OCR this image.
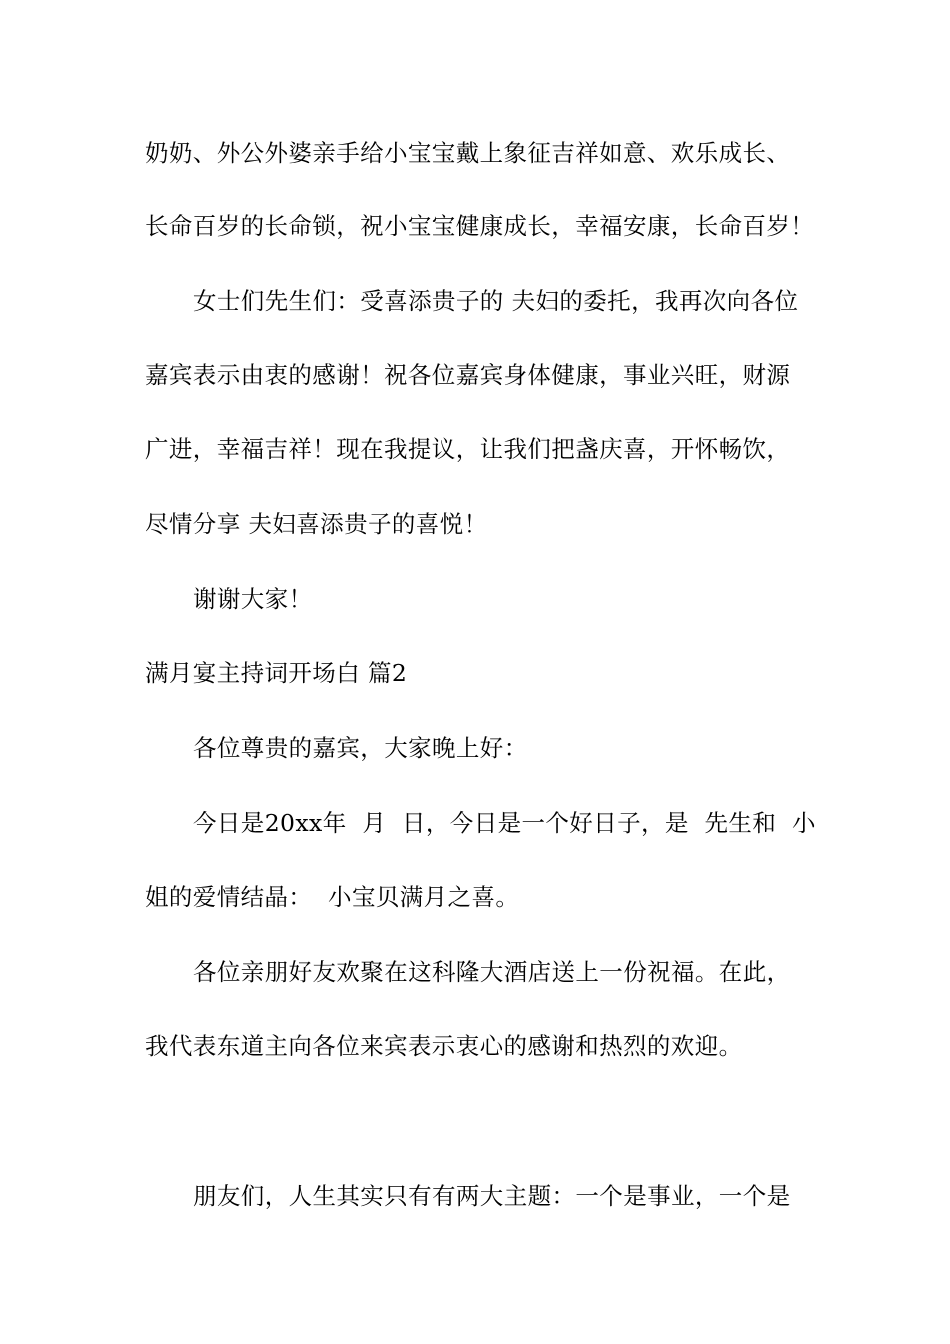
奶奶、外公外婆亲手给小宝宝戴上象征吉祥如意、欢乐成长、
长命百岁的长命锁，祝小宝宝健康成长，幸福安康，长命百岁！
女士们先生们：受喜添贵子的 夫妇的委托，我再次向各位
嘉宾表示由衷的感谢！祝各位嘉宾身体健康，事业兴旺，财源
广进，幸福吉祥！现在我提议，让我们把盏庆喜，开怀畅饮，
尽情分享 夫妇喜添贵子的喜悦！
谢谢大家！
满月宴主持词开场白 篇2
各位尊贵的嘉宾，大家晚上好：
今日是20xx年  月  日，今日是一个好日子，是  先生和  小
姐的爱情结晶：  小宝贝满月之喜。
各位亲朋好友欢聚在这科隆大酒店送上一份祝福。在此，
我代表东道主向各位来宾表示衷心的感谢和热烈的欢迎。
朋友们，人生其实只有有两大主题：一个是事业，一个是
